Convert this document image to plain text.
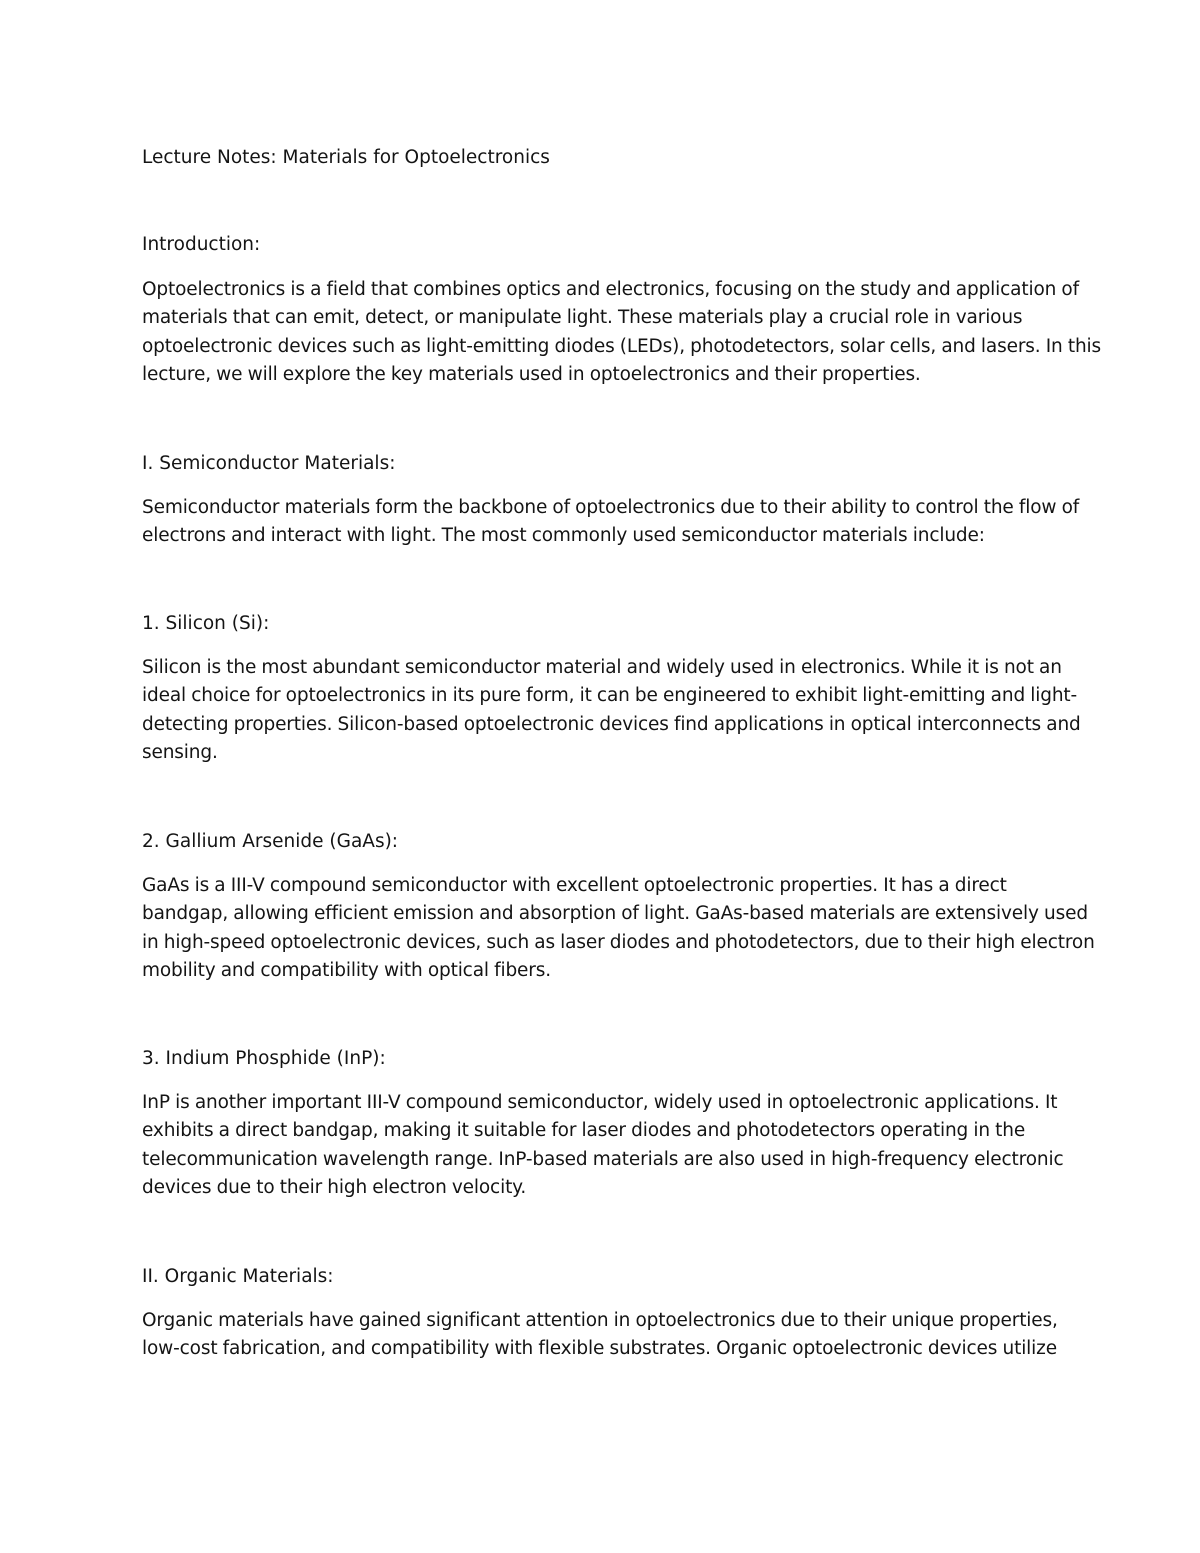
Lecture Notes: Materials for Optoelectronics
Introduction:

Optoelectronics is a field that combines optics and electronics, focusing on the study and application of
materials that can emit, detect, or manipulate light. These materials play a crucial role in various
optoelectronic devices such as light-emitting diodes (LEDs), photodetectors, solar cells, and lasers. In this
lecture, we will explore the key materials used in optoelectronics and their properties.

I. Semiconductor Materials:

Semiconductor materials form the backbone of optoelectronics due to their ability to control the flow of
electrons and interact with light. The most commonly used semiconductor materials include:

1. Silicon (Si):

Silicon is the most abundant semiconductor material and widely used in electronics. While it is not an
ideal choice for optoelectronics in its pure form, it can be engineered to exhibit light-emitting and light-
detecting properties. Silicon-based optoelectronic devices find applications in optical interconnects and
sensing.

2. Gallium Arsenide (GaAs):

GaAs is a III-V compound semiconductor with excellent optoelectronic properties. It has a direct
bandgap, allowing efficient emission and absorption of light. GaAs-based materials are extensively used
in high-speed optoelectronic devices, such as laser diodes and photodetectors, due to their high electron
mobility and compatibility with optical fibers.

3. Indium Phosphide (InP):

InP is another important III-V compound semiconductor, widely used in optoelectronic applications. It
exhibits a direct bandgap, making it suitable for laser diodes and photodetectors operating in the
telecommunication wavelength range. InP-based materials are also used in high-frequency electronic
devices due to their high electron velocity.

II. Organic Materials:

Organic materials have gained significant attention in optoelectronics due to their unique properties,
low-cost fabrication, and compatibility with flexible substrates. Organic optoelectronic devices utilize
